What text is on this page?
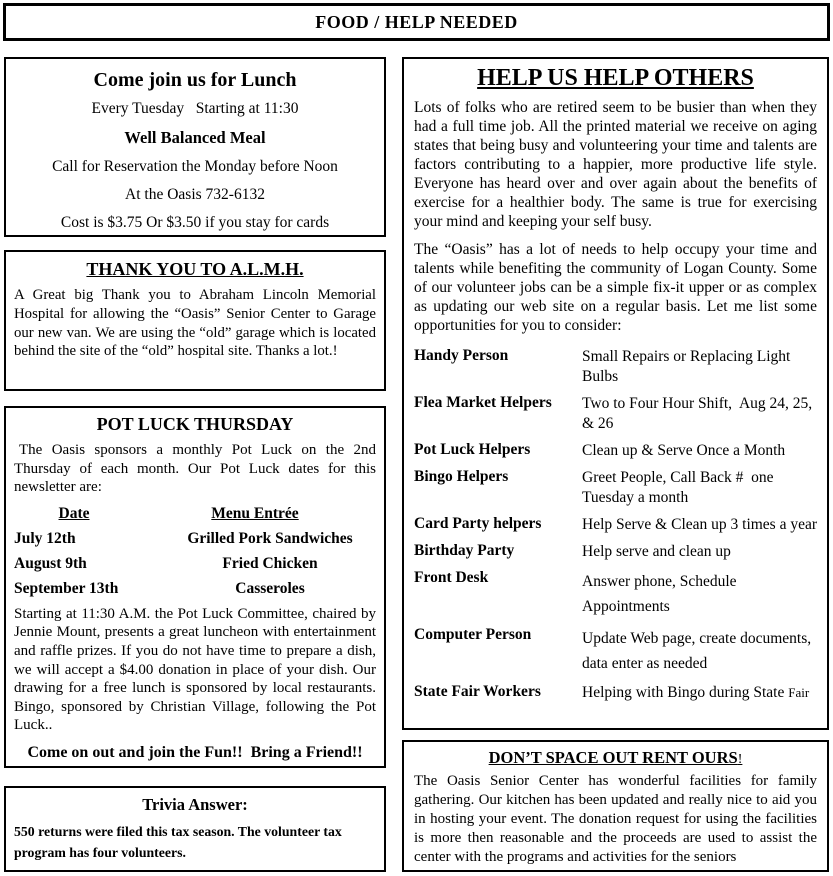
FOOD / HELP NEEDED
Come join us for Lunch
Every Tuesday   Starting at 11:30
Well Balanced Meal
Call for Reservation the Monday before Noon
At the Oasis 732-6132
Cost is $3.75 Or $3.50 if you stay for cards
THANK YOU TO A.L.M.H.

A Great big Thank you to Abraham Lincoln Memorial Hospital for allowing the “Oasis” Senior Center to Garage our new van. We are using the “old” garage which is located behind the site of the “old” hospital site. Thanks a lot.!

POT LUCK THURSDAY

The Oasis sponsors a monthly Pot Luck on the 2nd Thursday of each month. Our Pot Luck dates for this newsletter are:

Date	Menu Entrée
July 12th	Grilled Pork Sandwiches
August 9th	Fried Chicken
September 13th	Casseroles

Starting at 11:30 A.M. the Pot Luck Committee, chaired by Jennie Mount, presents a great luncheon with entertainment and raffle prizes. If you do not have time to prepare a dish, we will accept a $4.00 donation in place of your dish. Our drawing for a free lunch is sponsored by local restaurants. Bingo, sponsored by Christian Village, following the Pot Luck..

Come on out and join the Fun!!  Bring a Friend!!
Trivia Answer:

550 returns were filed this tax season. The volunteer tax program has four volunteers.

HELP US HELP OTHERS

Lots of folks who are retired seem to be busier than when they had a full time job. All the printed material we receive on aging states that being busy and volunteering your time and talents are factors contributing to a happier, more productive life style. Everyone has heard over and over again about the benefits of exercise for a healthier body. The same is true for exercising your mind and keeping your self busy.

The “Oasis” has a lot of needs to help occupy your time and talents while benefiting the community of Logan County. Some of our volunteer jobs can be a simple fix-it upper or as complex as updating our web site on a regular basis. Let me list some opportunities for you to consider:

Handy Person	Small Repairs or Replacing Light Bulbs
Flea Market Helpers	Two to Four Hour Shift,  Aug 24, 25, & 26
Pot Luck Helpers	Clean up & Serve Once a Month
Bingo Helpers	Greet People, Call Back #  one Tuesday a month
Card Party helpers	Help Serve & Clean up 3 times a year
Birthday Party	Help serve and clean up
Front Desk	Answer phone, Schedule Appointments
Computer Person	Update Web page, create documents, data enter as needed
State Fair Workers	Helping with Bingo during State Fair
DON’T SPACE OUT RENT OURS!

The Oasis Senior Center has wonderful facilities for family gathering. Our kitchen has been updated and really nice to aid you in hosting your event. The donation request for using the facilities is more then reasonable and the proceeds are used to assist the center with the programs and activities for the seniors
